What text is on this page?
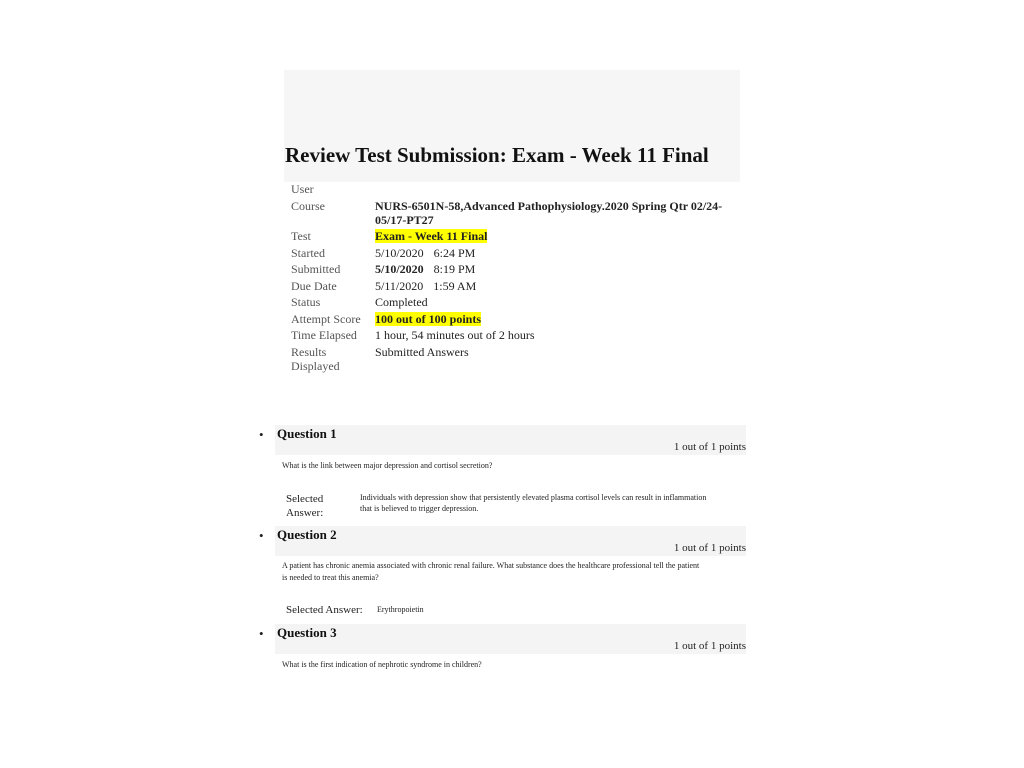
Review Test Submission: Exam - Week 11 Final
User	
Course	NURS-6501N-58,Advanced Pathophysiology.2020 Spring Qtr 02/24-05/17-PT27
Test	Exam - Week 11 Final
Started	5/10/2020 6:24 PM
Submitted	5/10/2020 8:19 PM
Due Date	5/11/2020 1:59 AM
Status	Completed
Attempt Score	100 out of 100 points
Time Elapsed	1 hour, 54 minutes out of 2 hours
Results Displayed	Submitted Answers
• Question 1
1 out of 1 points
What is the link between major depression and cortisol secretion?
Selected Answer:
Individuals with depression show that persistently elevated plasma cortisol levels can result in inflammation that is believed to trigger depression.
• Question 2
1 out of 1 points
A patient has chronic anemia associated with chronic renal failure. What substance does the healthcare professional tell the patient is needed to treat this anemia?
Selected Answer: Erythropoietin
• Question 3
1 out of 1 points
What is the first indication of nephrotic syndrome in children?
